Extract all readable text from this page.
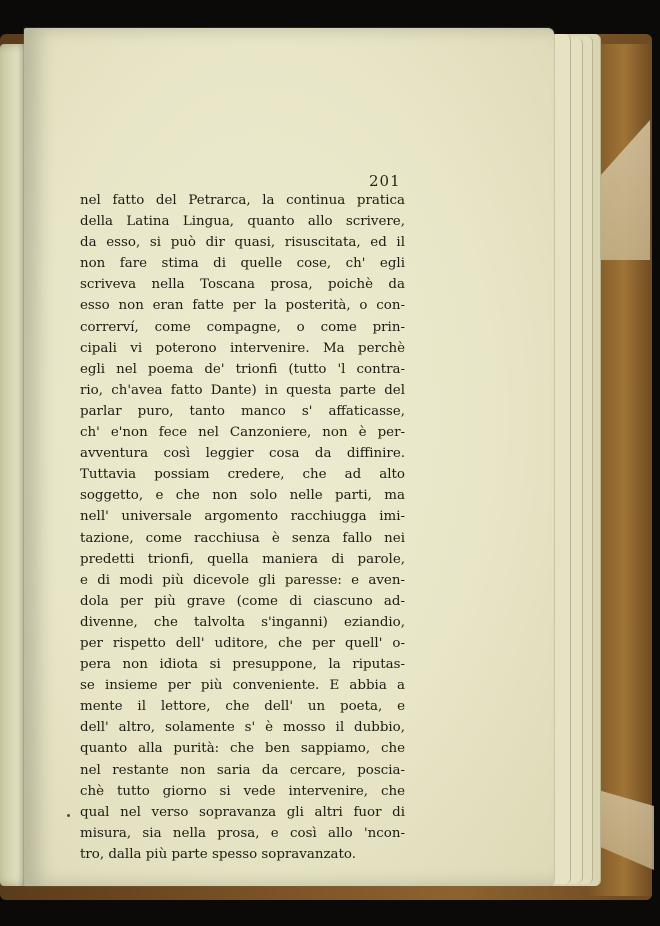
201
nel fatto del Petrarca, la continua pratica
della Latina Lingua, quanto allo scrivere,
da esso, si può dir quasi, risuscitata, ed il
non fare stima di quelle cose, ch' egli
scriveva nella Toscana prosa, poichè da
esso non eran fatte per la posterità, o con-
correrví, come compagne, o come prin-
cipali vi poterono intervenire. Ma perchè
egli nel poema de' trionfi (tutto 'l contra-
rio, ch'avea fatto Dante) in questa parte del
parlar puro, tanto manco s' affaticasse,
ch' e'non fece nel Canzoniere, non è per-
avventura così leggier cosa da diffinire.
Tuttavia possiam credere, che ad alto
soggetto, e che non solo nelle parti, ma
nell' universale argomento racchiugga imi-
tazione, come racchiusa è senza fallo nei
predetti trionfi, quella maniera di parole,
e di modi più dicevole gli paresse: e aven-
dola per più grave (come di ciascuno ad-
divenne, che talvolta s'inganni) eziandio,
per rispetto dell' uditore, che per quell' o-
pera non idiota si presuppone, la riputas-
se insieme per più conveniente. E abbia a
mente il lettore, che dell' un poeta, e
dell' altro, solamente s' è mosso il dubbio,
quanto alla purità: che ben sappiamo, che
nel restante non saria da cercare, poscia-
chè tutto giorno si vede intervenire, che
qual nel verso sopravanza gli altri fuor di
misura, sia nella prosa, e così allo 'ncon-
tro, dalla più parte spesso sopravanzato.
